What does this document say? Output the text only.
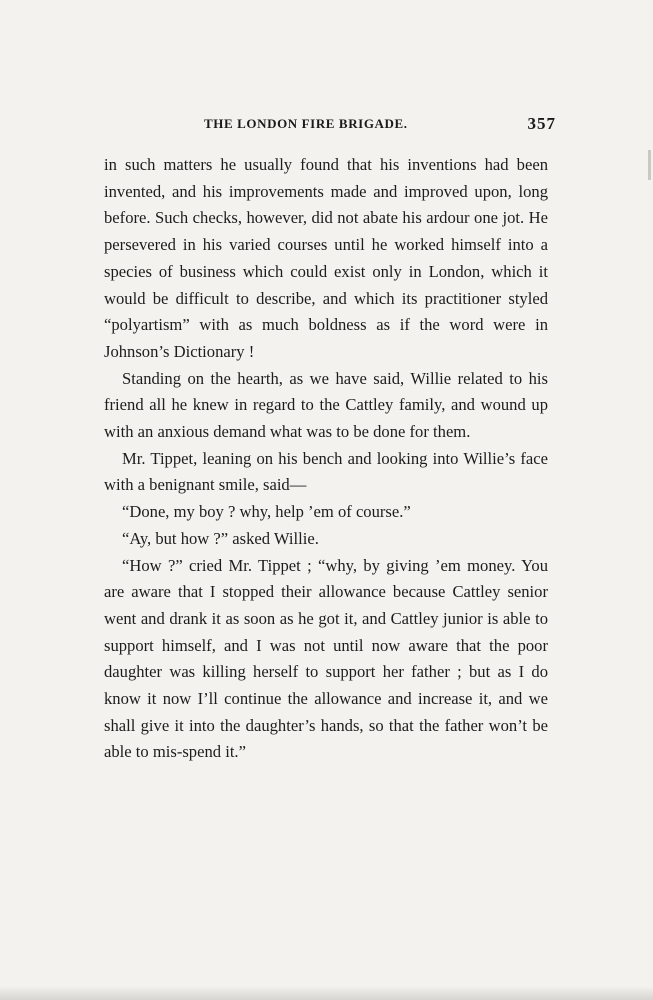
THE LONDON FIRE BRIGADE.	357

in such matters he usually found that his inventions had been invented, and his improvements made and improved upon, long before. Such checks, however, did not abate his ardour one jot. He persevered in his varied courses until he worked himself into a species of business which could exist only in London, which it would be difficult to describe, and which its practitioner styled “polyartism” with as much boldness as if the word were in Johnson’s Dictionary !

Standing on the hearth, as we have said, Willie related to his friend all he knew in regard to the Cattley family, and wound up with an anxious demand what was to be done for them.

Mr. Tippet, leaning on his bench and looking into Willie’s face with a benignant smile, said—

“Done, my boy ? why, help ’em of course.”

“Ay, but how ?” asked Willie.

“How ?” cried Mr. Tippet ; “why, by giving ’em money. You are aware that I stopped their allowance because Cattley senior went and drank it as soon as he got it, and Cattley junior is able to support himself, and I was not until now aware that the poor daughter was killing herself to support her father ; but as I do know it now I’ll continue the allowance and increase it, and we shall give it into the daughter’s hands, so that the father won’t be able to mis-spend it.”
